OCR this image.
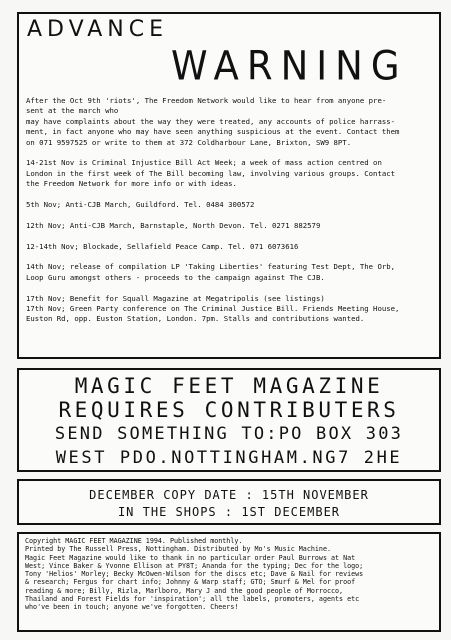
ADVANCE
WARNING

After the Oct 9th 'riots', The Freedom Network would like to hear from anyone pre-
sent at the march who
may have complaints about the way they were treated, any accounts of police harrass-
ment, in fact anyone who may have seen anything suspicious at the event. Contact them
on 071 9597525 or write to them at 372 Coldharbour Lane, Brixton, SW9 8PT.

14-21st Nov is Criminal Injustice Bill Act Week; a week of mass action centred on
London in the first week of The Bill becoming law, involving various groups. Contact
the Freedom Network for more info or with ideas.

5th Nov; Anti-CJB March, Guildford. Tel. 0484 300572

12th Nov; Anti-CJB March, Barnstaple, North Devon. Tel. 0271 882579

12-14th Nov; Blockade, Sellafield Peace Camp. Tel. 071 6073616

14th Nov; release of compilation LP 'Taking Liberties' featuring Test Dept, The Orb,
Loop Guru amongst others - proceeds to the campaign against The CJB.

17th Nov; Benefit for Squall Magazine at Megatripolis (see listings)
17th Nov; Green Party conference on The Criminal Justice Bill. Friends Meeting House,
Euston Rd, opp. Euston Station, London. 7pm. Stalls and contributions wanted.

MAGIC FEET MAGAZINE
REQUIRES CONTRIBUTERS
SEND SOMETHING TO:PO BOX 303
WEST PDO.NOTTINGHAM.NG7 2HE
DECEMBER COPY DATE : 15TH NOVEMBER
IN THE SHOPS : 1ST DECEMBER
Copyright MAGIC FEET MAGAZINE 1994. Published monthly.
Printed by The Russell Press, Nottingham. Distributed by Mo's Music Machine.
Magic Feet Magazine would like to thank in no particular order Paul Burrows at Nat
West; Vince Baker & Yvonne Ellison at PY8T; Ananda for the typing; Dec for the logo;
Tony 'Helios' Morley; Becky McOwen-Wilson for the discs etc; Dave & Nail for reviews
& research; Fergus for chart info; Johnny & Warp staff; GTO; Smurf & Mel for proof
reading & more; Billy, Rizla, Marlboro, Mary J and the good people of Morrocco,
Thailand and Forest Fields for 'inspiration'; all the labels, promoters, agents etc
who've been in touch; anyone we've forgotten. Cheers!
